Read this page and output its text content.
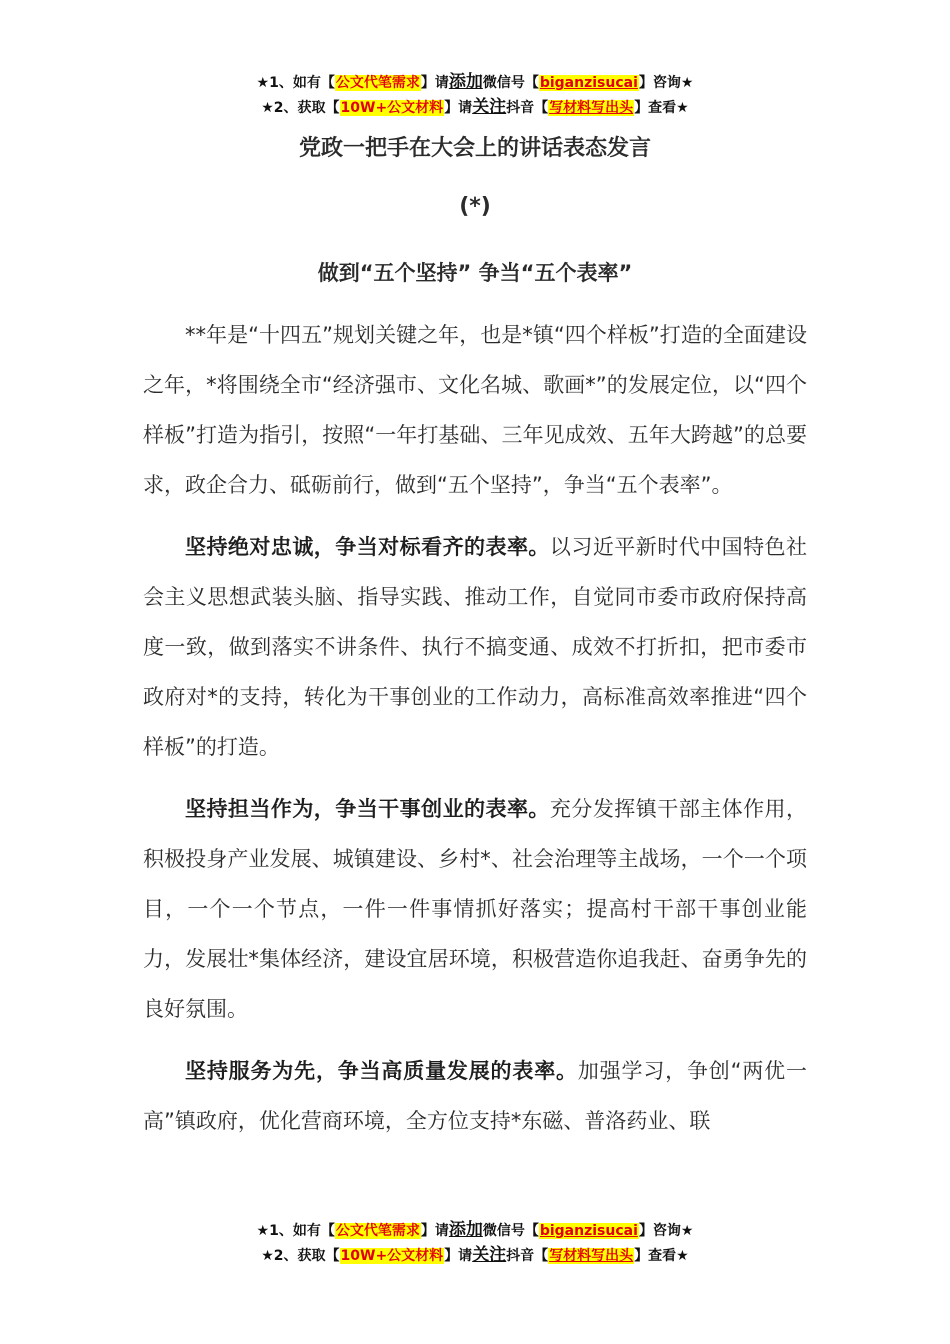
★1、如有【公文代笔需求】请添加微信号【biganzisucai】咨询★
★2、获取【10W+公文材料】请关注抖音【写材料写出头】查看★
党政一把手在大会上的讲话表态发言
(*)
做到“五个坚持” 争当“五个表率”

**年是“十四五”规划关键之年，也是*镇“四个样板”打造的全面建设之年，*将围绕全市“经济强市、文化名城、歌画*”的发展定位，以“四个样板”打造为指引，按照“一年打基础、三年见成效、五年大跨越”的总要求，政企合力、砥砺前行，做到“五个坚持”，争当“五个表率”。

坚持绝对忠诚，争当对标看齐的表率。以习近平新时代中国特色社会主义思想武装头脑、指导实践、推动工作，自觉同市委市政府保持高度一致，做到落实不讲条件、执行不搞变通、成效不打折扣，把市委市政府对*的支持，转化为干事创业的工作动力，高标准高效率推进“四个样板”的打造。

坚持担当作为，争当干事创业的表率。充分发挥镇干部主体作用，积极投身产业发展、城镇建设、乡村*、社会治理等主战场，一个一个项目，一个一个节点，一件一件事情抓好落实；提高村干部干事创业能力，发展壮*集体经济，建设宜居环境，积极营造你追我赶、奋勇争先的良好氛围。

坚持服务为先，争当高质量发展的表率。加强学习，争创“两优一高”镇政府，优化营商环境，全方位支持*东磁、普洛药业、联

★1、如有【公文代笔需求】请添加微信号【biganzisucai】咨询★
★2、获取【10W+公文材料】请关注抖音【写材料写出头】查看★
